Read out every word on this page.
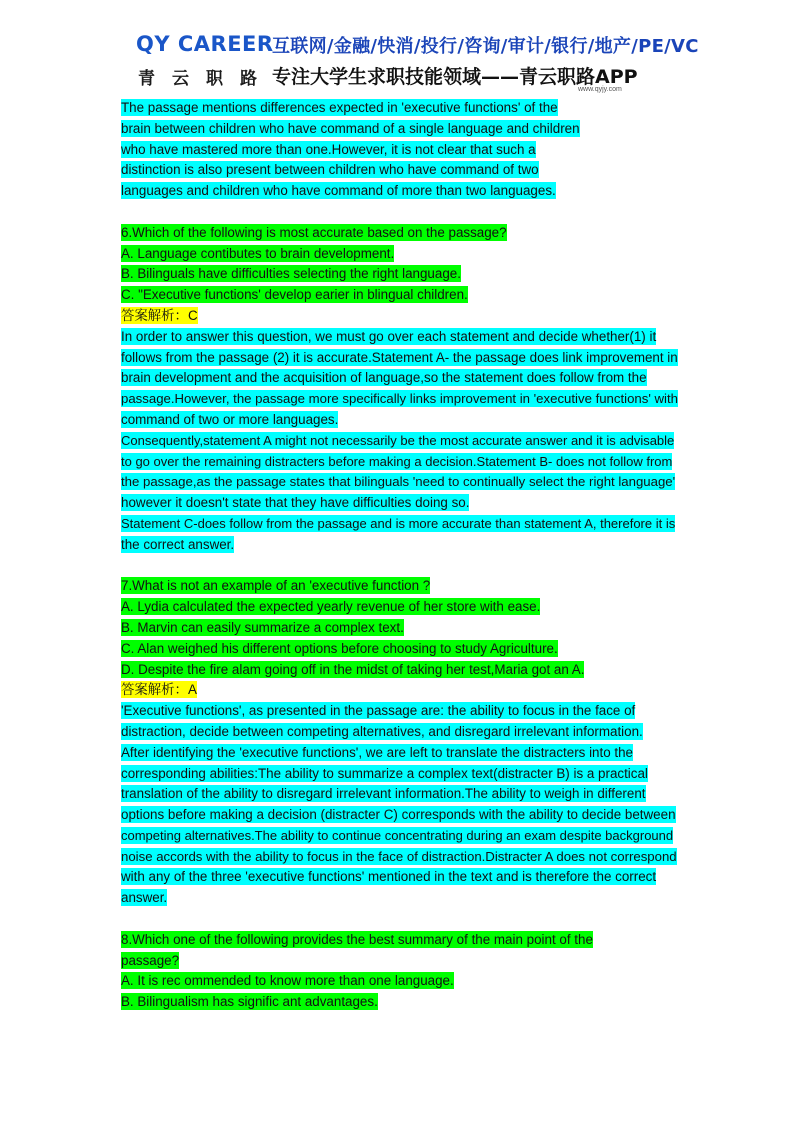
QY CAREER
青云职路
互联网/金融/快消/投行/咨询/审计/银行/地产/PE/VC
专注大学生求职技能领域——青云职路APP
www.qyjy.com
The passage mentions differences expected in 'executive functions' of the
brain between children who have command of a single language and children
who have mastered more than one.However, it is not clear that such a
distinction is also present between children who have command of two
languages and children who have command of more than two languages.
6.Which of the following is most accurate based on the passage?
A. Language contibutes to brain development.
B. Bilinguals have difficulties selecting the right language.
C. "Executive functions' develop earier in blingual children.
答案解析：C
In order to answer this question, we must go over each statement and decide whether(1) it
follows from the passage (2) it is accurate.Statement A- the passage does link improvement in
brain development and the acquisition of language,so the statement does follow from the
passage.However, the passage more specifically links improvement in 'executive functions' with
command of two or more languages.
Consequently,statement A might not necessarily be the most accurate answer and it is advisable
to go over the remaining distracters before making a decision.Statement B- does not follow from
the passage,as the passage states that bilinguals 'need to continually select the right language'
however it doesn't state that they have difficulties doing so.
Statement C-does follow from the passage and is more accurate than statement A, therefore it is
the correct answer.
7.What is not an example of an 'executive function ?
A. Lydia calculated the expected yearly revenue of her store with ease.
B. Marvin can easily summarize a complex text.
C. Alan weighed his different options before choosing to study Agriculture.
D. Despite the fire alam going off in the midst of taking her test,Maria got an A.
答案解析：A
'Executive functions', as presented in the passage are: the ability to focus in the face of
distraction, decide between competing alternatives, and disregard irrelevant information.
After identifying the 'executive functions', we are left to translate the distracters into the
corresponding abilities:The ability to summarize a complex text(distracter B) is a practical
translation of the ability to disregard irrelevant information.The ability to weigh in different
options before making a decision (distracter C) corresponds with the ability to decide between
competing alternatives.The ability to continue concentrating during an exam despite background
noise accords with the ability to focus in the face of distraction.Distracter A does not correspond
with any of the three 'executive functions' mentioned in the text and is therefore the correct
answer.
8.Which one of the following provides the best summary of the main point of the
passage?
A. It is rec ommended to know more than one language.
B. Bilingualism has signific ant advantages.
